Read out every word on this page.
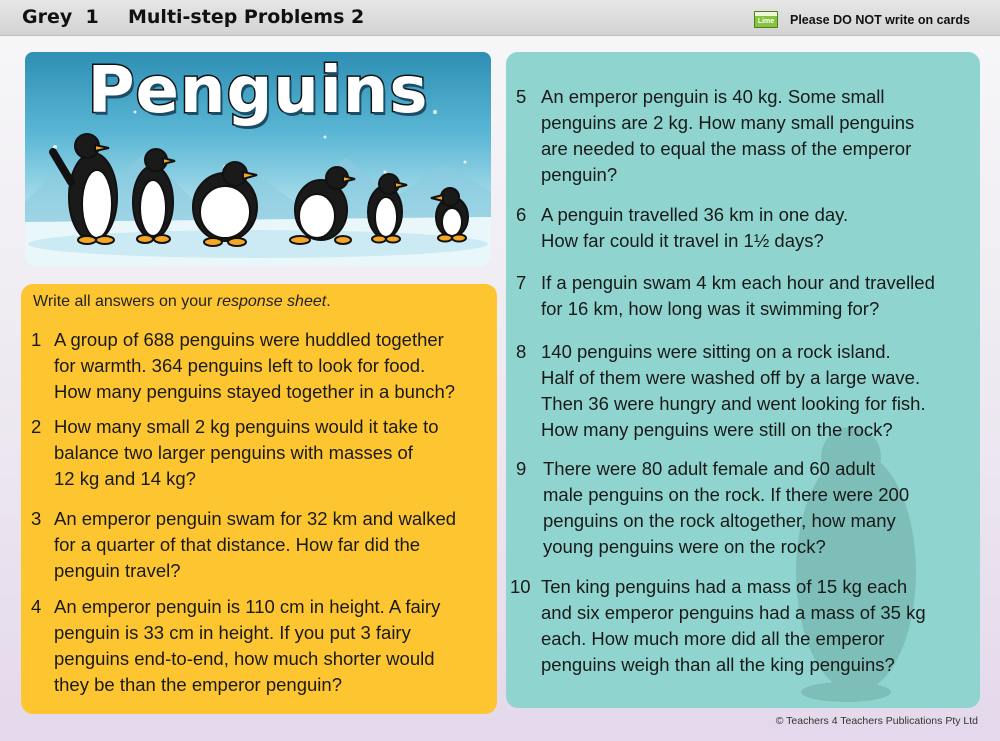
Grey  1 Multi-step Problems 2	Lime Please DO NOT write on cards
Penguins
Write all answers on your response sheet.
1 A group of 688 penguins were huddled together
for warmth. 364 penguins left to look for food.
How many penguins stayed together in a bunch?
2 How many small 2 kg penguins would it take to
balance two larger penguins with masses of
12 kg and 14 kg?
3 An emperor penguin swam for 32 km and walked
for a quarter of that distance. How far did the
penguin travel?
4 An emperor penguin is 110 cm in height. A fairy
penguin is 33 cm in height. If you put 3 fairy
penguins end-to-end, how much shorter would
they be than the emperor penguin?
5 An emperor penguin is 40 kg. Some small
penguins are 2 kg. How many small penguins
are needed to equal the mass of the emperor
penguin?
6 A penguin travelled 36 km in one day.
How far could it travel in 1½ days?
7 If a penguin swam 4 km each hour and travelled
for 16 km, how long was it swimming for?
8 140 penguins were sitting on a rock island.
Half of them were washed off by a large wave.
Then 36 were hungry and went looking for fish.
How many penguins were still on the rock?
9 There were 80 adult female and 60 adult
male penguins on the rock. If there were 200
penguins on the rock altogether, how many
young penguins were on the rock?
10 Ten king penguins had a mass of 15 kg each
and six emperor penguins had a mass of 35 kg
each. How much more did all the emperor
penguins weigh than all the king penguins?
© Teachers 4 Teachers Publications Pty Ltd
